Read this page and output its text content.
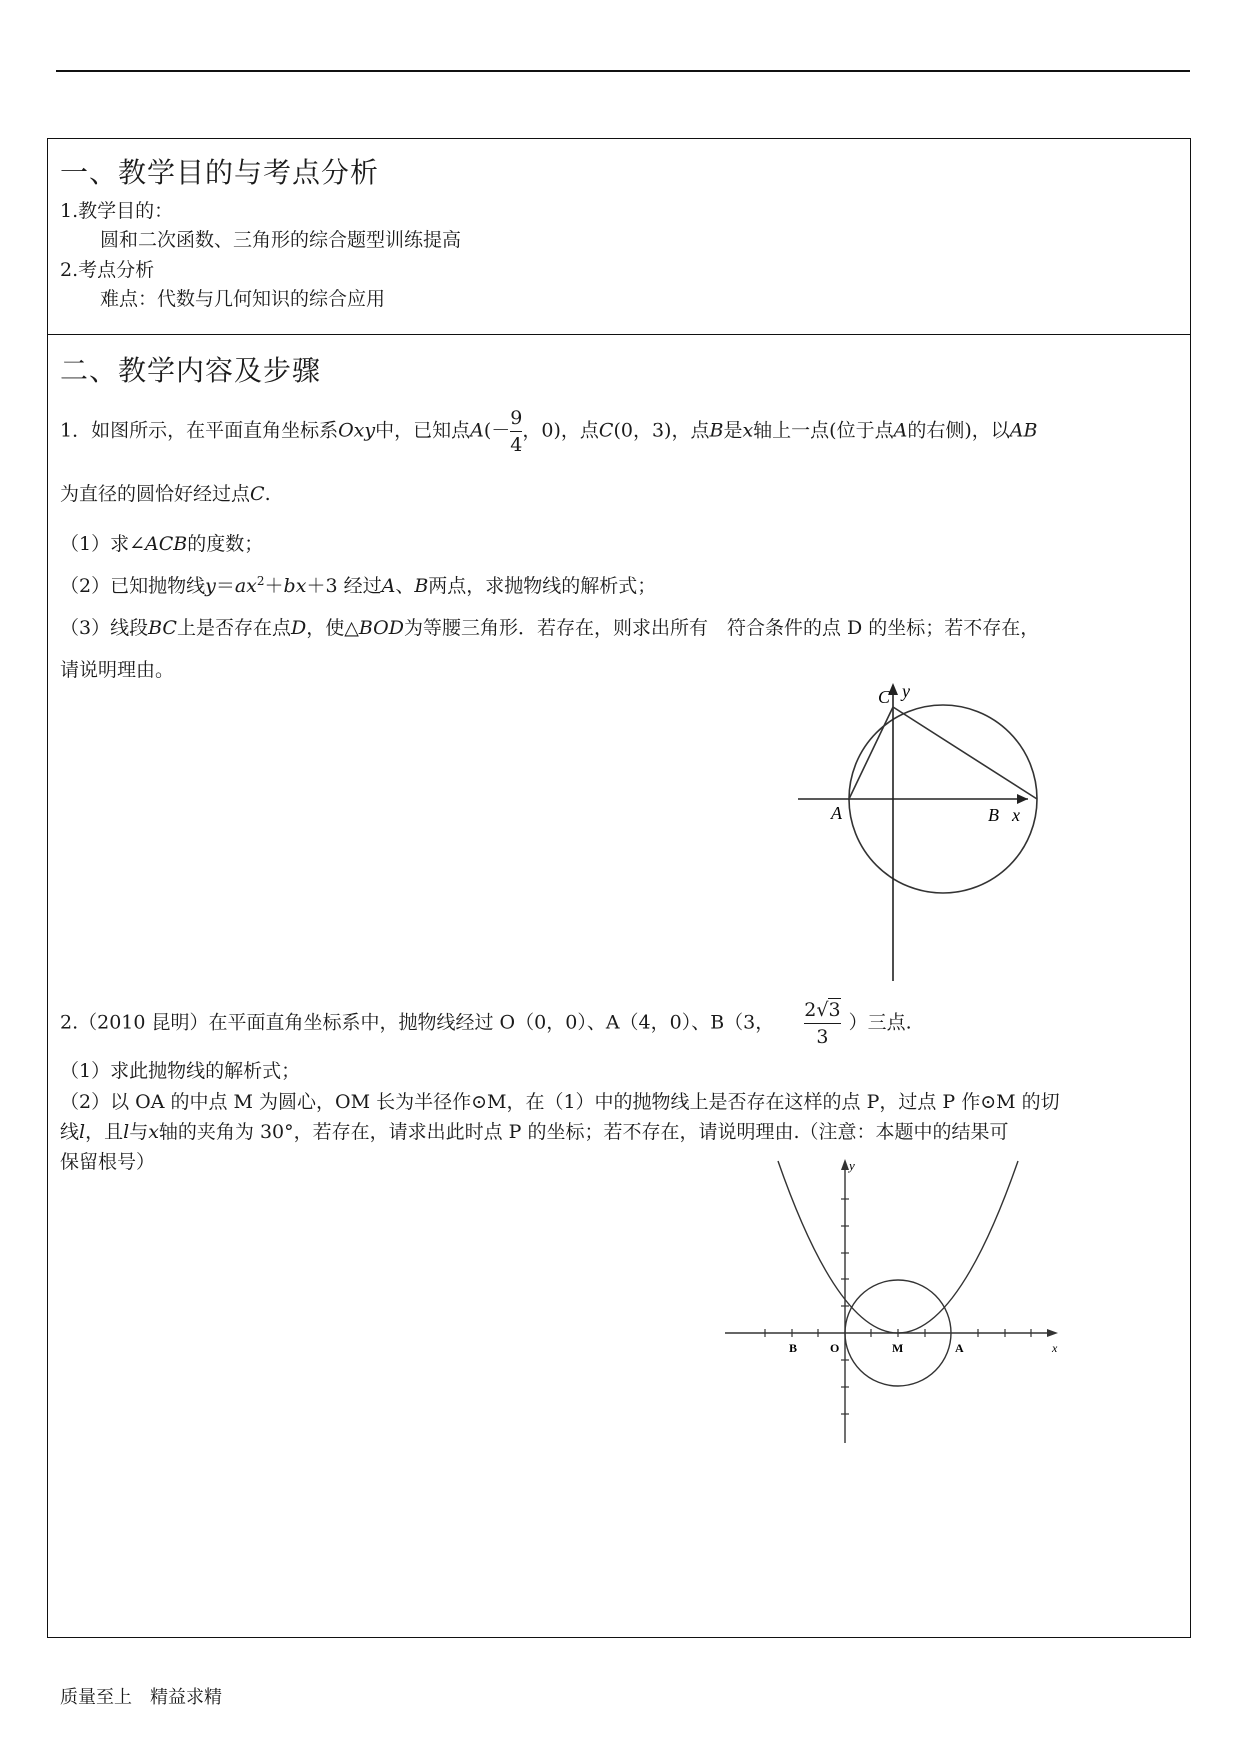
一、教学目的与考点分析
1.教学目的：
圆和二次函数、三角形的综合题型训练提高
2.考点分析
难点：代数与几何知识的综合应用
二、教学内容及步骤
1．如图所示，在平面直角坐标系Oxy中，已知点$A(- \frac{9}{4}$ ，0)，点C(0，3)，点B是x轴上一点(位于点A的右侧)，以AB
为直径的圆恰好经过点C.
（1）求∠ACB的度数；
（2）已知抛物线$y=ax^2+bx+3$ 经过A、B两点，求抛物线的解析式；
（3）线段BC上是否存在点D，使△BOD为等腰三角形．若存在，则求出所有　符合条件的点 D 的坐标；若不存在，
请说明理由。
C y
A	B x
2.（2010 昆明）在平面直角坐标系中，抛物线经过 O（0，0）、A（4，0）、B（3， $\frac{2√3}{3}$ ）三点.
（1）求此抛物线的解析式；
（2）以 OA 的中点 M 为圆心，OM 长为半径作⊙M，在（1）中的抛物线上是否存在这样的点 P，过点 P 作⊙M 的切
线l，且l与x轴的夹角为 30°，若存在，请求出此时点 P 的坐标；若不存在，请说明理由.（注意：本题中的结果可
保留根号）	y
B	O	M	A	x
质量至上　精益求精
